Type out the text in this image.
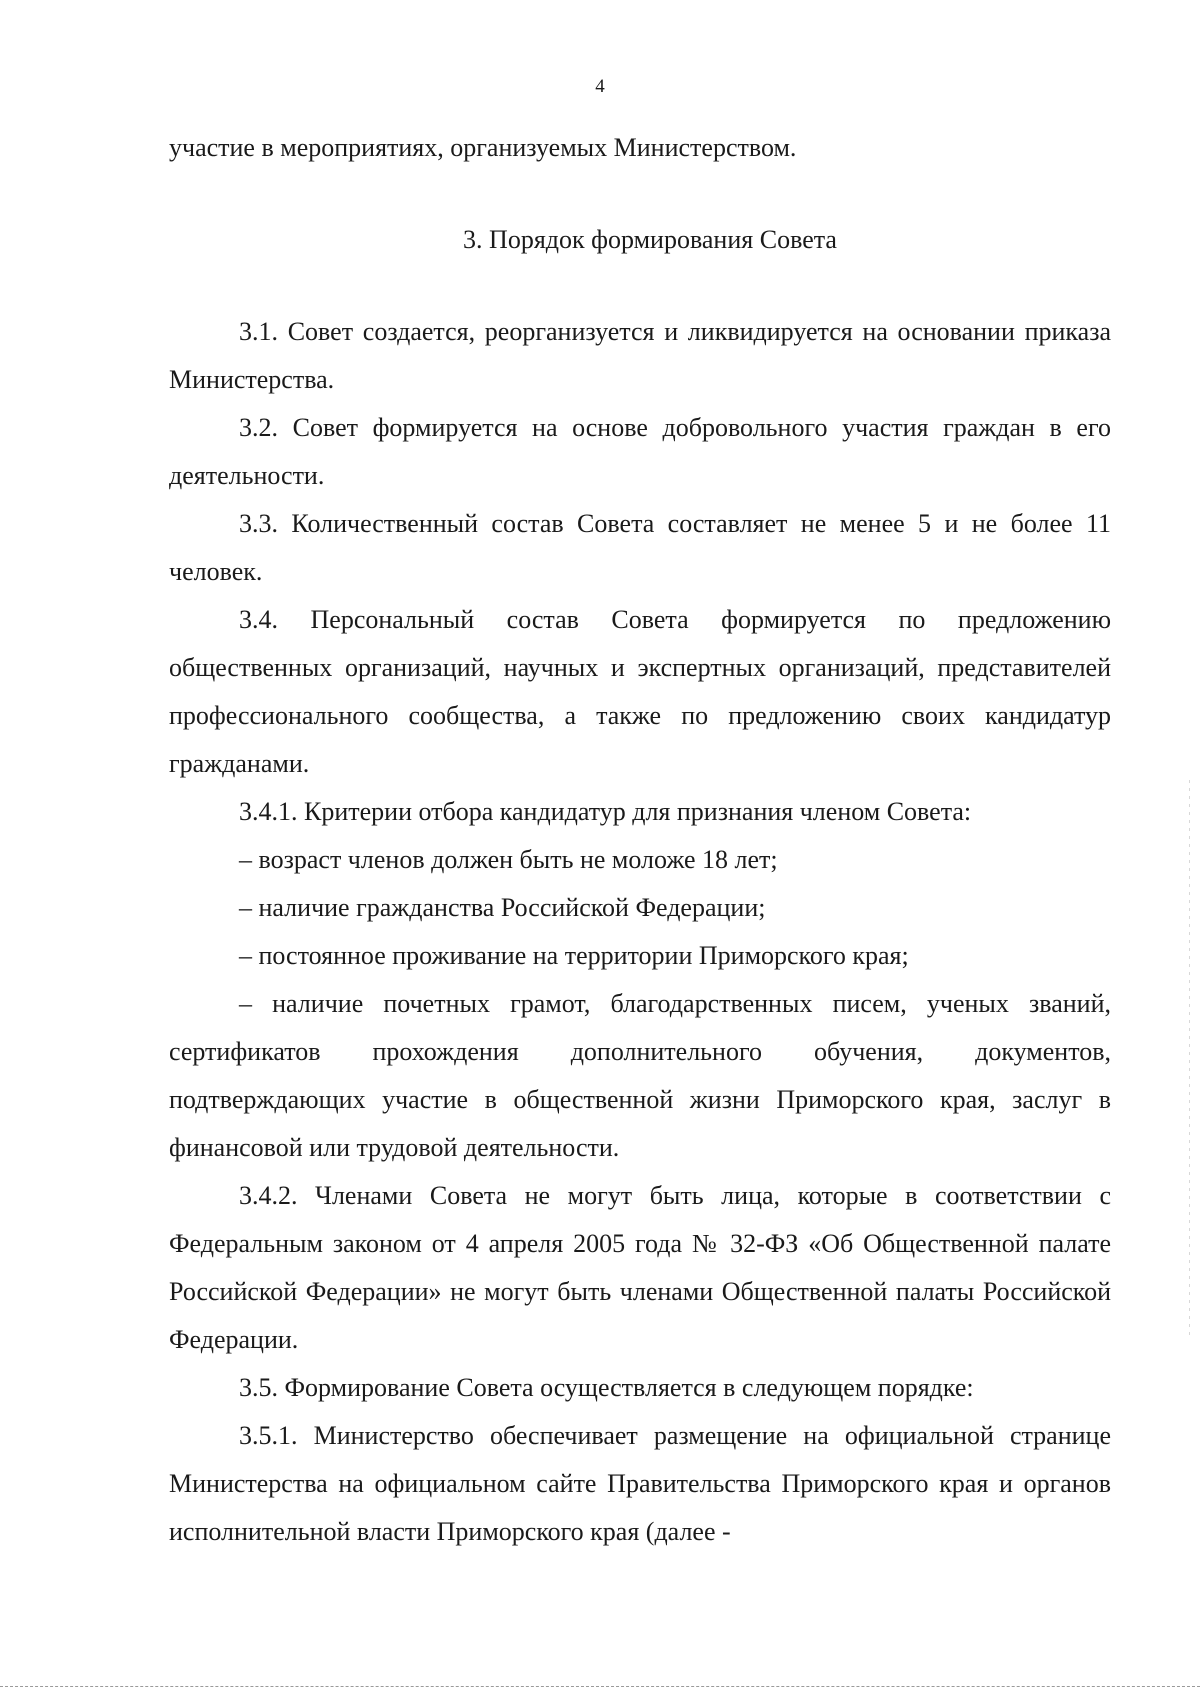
4

участие в мероприятиях, организуемых Министерством.

3. Порядок формирования Совета

3.1. Совет создается, реорганизуется и ликвидируется на основании приказа Министерства.

3.2. Совет формируется на основе добровольного участия граждан в его деятельности.

3.3. Количественный состав Совета составляет не менее 5 и не более 11 человек.

3.4. Персональный состав Совета формируется по предложению общественных организаций, научных и экспертных организаций, представителей профессионального сообщества, а также по предложению своих кандидатур гражданами.

3.4.1. Критерии отбора кандидатур для признания членом Совета:

– возраст членов должен быть не моложе 18 лет;

– наличие гражданства Российской Федерации;

– постоянное проживание на территории Приморского края;

– наличие почетных грамот, благодарственных писем, ученых званий, сертификатов прохождения дополнительного обучения, документов, подтверждающих участие в общественной жизни Приморского края, заслуг в финансовой или трудовой деятельности.

3.4.2. Членами Совета не могут быть лица, которые в соответствии с Федеральным законом от 4 апреля 2005 года № 32-ФЗ «Об Общественной палате Российской Федерации» не могут быть членами Общественной палаты Российской Федерации.

3.5. Формирование Совета осуществляется в следующем порядке:

3.5.1. Министерство обеспечивает размещение на официальной странице Министерства на официальном сайте Правительства Приморского края и органов исполнительной власти Приморского края (далее -
